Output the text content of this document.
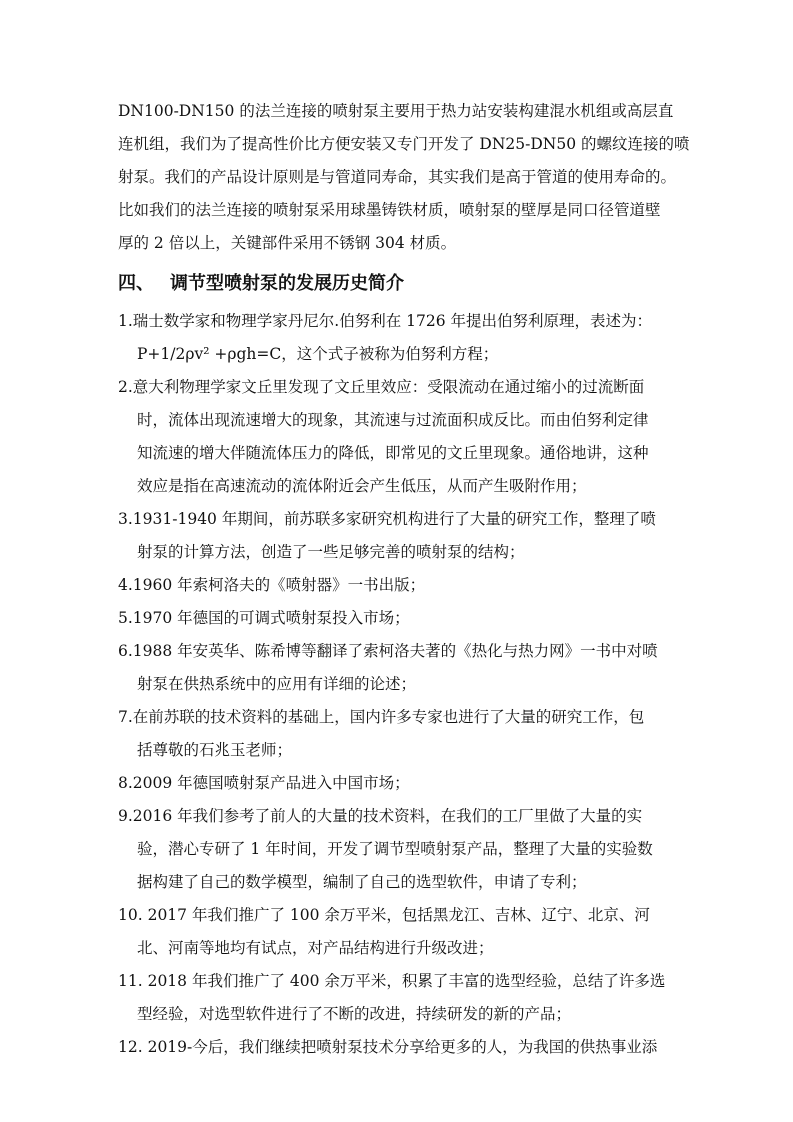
DN100-DN150 的法兰连接的喷射泵主要用于热力站安装构建混水机组或高层直

连机组，我们为了提高性价比方便安装又专门开发了 DN25-DN50 的螺纹连接的喷

射泵。我们的产品设计原则是与管道同寿命，其实我们是高于管道的使用寿命的。

比如我们的法兰连接的喷射泵采用球墨铸铁材质，喷射泵的壁厚是同口径管道壁

厚的 2 倍以上，关键部件采用不锈钢 304 材质。

四、 调节型喷射泵的发展历史简介

1.瑞士数学家和物理学家丹尼尔.伯努利在 1726 年提出伯努利原理，表述为：

P+1/2ρv² +ρgh=C，这个式子被称为伯努利方程；

2.意大利物理学家文丘里发现了文丘里效应：受限流动在通过缩小的过流断面

时，流体出现流速增大的现象，其流速与过流面积成反比。而由伯努利定律

知流速的增大伴随流体压力的降低，即常见的文丘里现象。通俗地讲，这种

效应是指在高速流动的流体附近会产生低压，从而产生吸附作用；

3.1931-1940 年期间，前苏联多家研究机构进行了大量的研究工作，整理了喷

射泵的计算方法，创造了一些足够完善的喷射泵的结构；

4.1960 年索柯洛夫的《喷射器》一书出版；

5.1970 年德国的可调式喷射泵投入市场；

6.1988 年安英华、陈希博等翻译了索柯洛夫著的《热化与热力网》一书中对喷

射泵在供热系统中的应用有详细的论述；

7.在前苏联的技术资料的基础上，国内许多专家也进行了大量的研究工作，包

括尊敬的石兆玉老师；

8.2009 年德国喷射泵产品进入中国市场；

9.2016 年我们参考了前人的大量的技术资料，在我们的工厂里做了大量的实

验，潜心专研了 1 年时间，开发了调节型喷射泵产品，整理了大量的实验数

据构建了自己的数学模型，编制了自己的选型软件，申请了专利；

10. 2017 年我们推广了 100 余万平米，包括黑龙江、吉林、辽宁、北京、河

北、河南等地均有试点，对产品结构进行升级改进；

11. 2018 年我们推广了 400 余万平米，积累了丰富的选型经验，总结了许多选

型经验，对选型软件进行了不断的改进，持续研发的新的产品；

12. 2019-今后，我们继续把喷射泵技术分享给更多的人，为我国的供热事业添
